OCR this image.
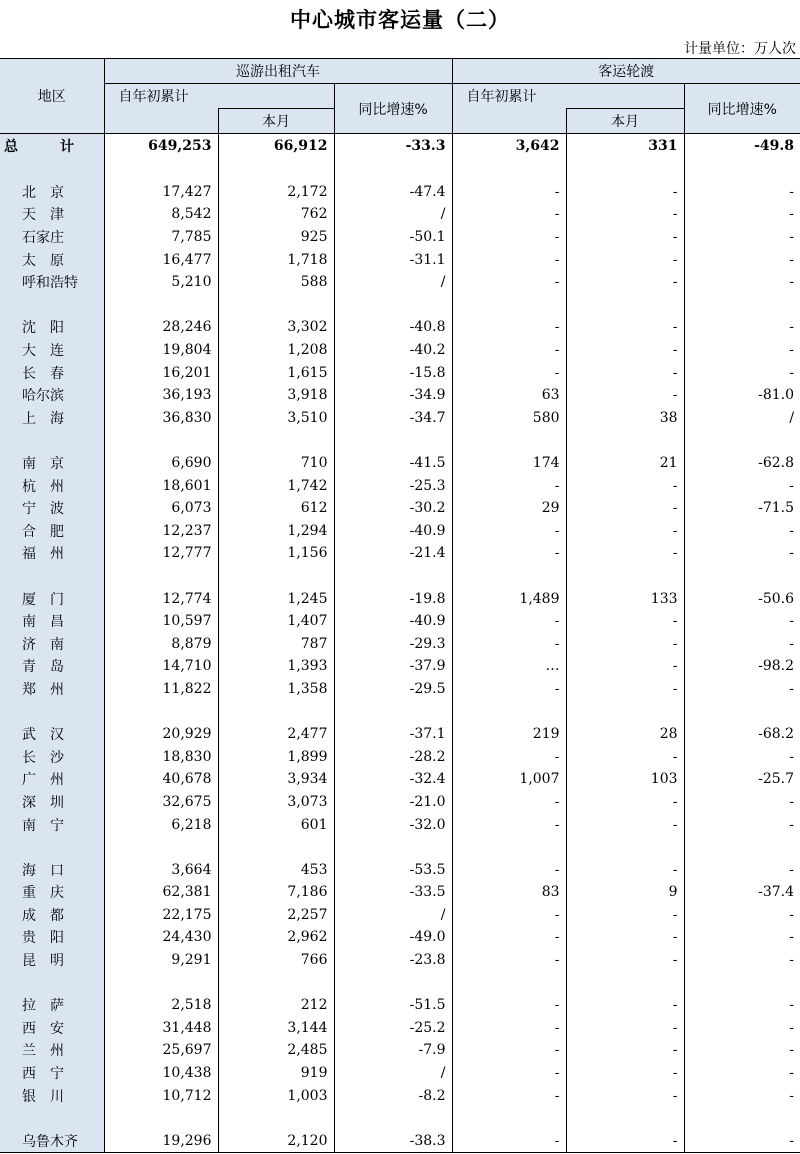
中心城市客运量（二）
计量单位：万人次
地区	巡游出租汽车			客运轮渡		
	自年初累计		同比增速%	自年初累计		同比增速%
		本月			本月	
总　计	649,253	66,912	-33.3	3,642	331	-49.8

北　京	17,427	2,172	-47.4	-	-	-
天　津	8,542	762	/	-	-	-
石家庄	7,785	925	-50.1	-	-	-
太　原	16,477	1,718	-31.1	-	-	-
呼和浩特	5,210	588	/	-	-	-

沈　阳	28,246	3,302	-40.8	-	-	-
大　连	19,804	1,208	-40.2	-	-	-
长　春	16,201	1,615	-15.8	-	-	-
哈尔滨	36,193	3,918	-34.9	63	-	-81.0
上　海	36,830	3,510	-34.7	580	38	/

南　京	6,690	710	-41.5	174	21	-62.8
杭　州	18,601	1,742	-25.3	-	-	-
宁　波	6,073	612	-30.2	29	-	-71.5
合　肥	12,237	1,294	-40.9	-	-	-
福　州	12,777	1,156	-21.4	-	-	-

厦　门	12,774	1,245	-19.8	1,489	133	-50.6
南　昌	10,597	1,407	-40.9	-	-	-
济　南	8,879	787	-29.3	-	-	-
青　岛	14,710	1,393	-37.9	…	-	-98.2
郑　州	11,822	1,358	-29.5	-	-	-

武　汉	20,929	2,477	-37.1	219	28	-68.2
长　沙	18,830	1,899	-28.2	-	-	-
广　州	40,678	3,934	-32.4	1,007	103	-25.7
深　圳	32,675	3,073	-21.0	-	-	-
南　宁	6,218	601	-32.0	-	-	-

海　口	3,664	453	-53.5	-	-	-
重　庆	62,381	7,186	-33.5	83	9	-37.4
成　都	22,175	2,257	/	-	-	-
贵　阳	24,430	2,962	-49.0	-	-	-
昆　明	9,291	766	-23.8	-	-	-

拉　萨	2,518	212	-51.5	-	-	-
西　安	31,448	3,144	-25.2	-	-	-
兰　州	25,697	2,485	-7.9	-	-	-
西　宁	10,438	919	/	-	-	-
银　川	10,712	1,003	-8.2	-	-	-

乌鲁木齐	19,296	2,120	-38.3	-	-	-
